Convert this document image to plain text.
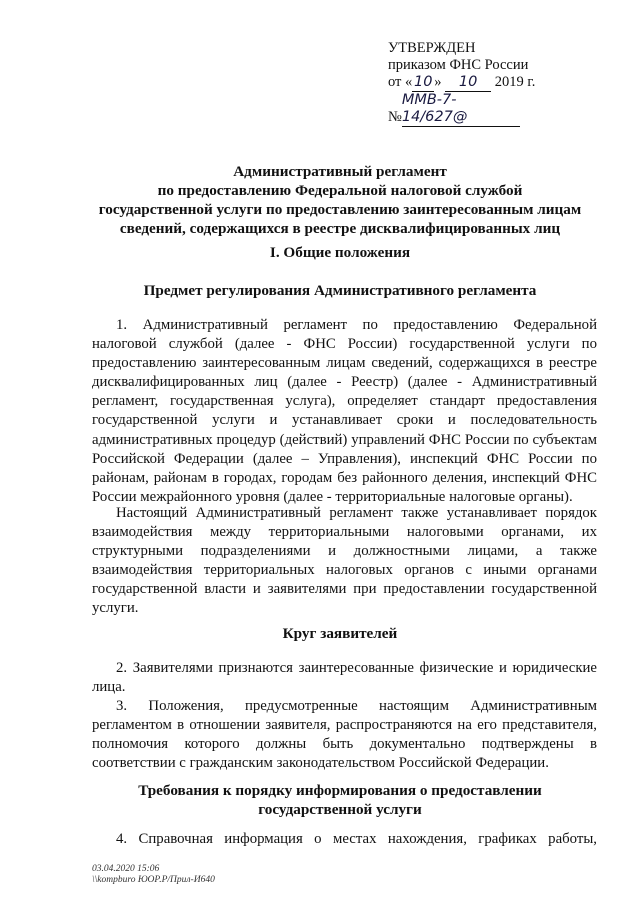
УТВЕРЖДЕН
приказом ФНС России
от « 10 » 10 2019 г.
№ММВ-7-14/627@
Административный регламент
по предоставлению Федеральной налоговой службой
государственной услуги по предоставлению заинтересованным лицам
сведений, содержащихся в реестре дисквалифицированных лиц
I. Общие положения
Предмет регулирования Административного регламента
1. Административный регламент по предоставлению Федеральной налоговой службой (далее - ФНС России) государственной услуги по предоставлению заинтересованным лицам сведений, содержащихся в реестре дисквалифицированных лиц (далее - Реестр) (далее - Административный регламент, государственная услуга), определяет стандарт предоставления государственной услуги и устанавливает сроки и последовательность административных процедур (действий) управлений ФНС России по субъектам Российской Федерации (далее – Управления), инспекций ФНС России по районам, районам в городах, городам без районного деления, инспекций ФНС России межрайонного уровня (далее - территориальные налоговые органы).
Настоящий Административный регламент также устанавливает порядок взаимодействия между территориальными налоговыми органами, их структурными подразделениями и должностными лицами, а также взаимодействия территориальных налоговых органов с иными органами государственной власти и заявителями при предоставлении государственной услуги.
Круг заявителей
2. Заявителями признаются заинтересованные физические и юридические лица.
3. Положения, предусмотренные настоящим Административным регламентом в отношении заявителя, распространяются на его представителя, полномочия которого должны быть документально подтверждены в соответствии с гражданским законодательством Российской Федерации.
Требования к порядку информирования о предоставлении
государственной услуги
4. Справочная информация о местах нахождения, графиках работы,
03.04.2020 15:06
\\kompburo ЮОР.Р/Прил-И640
